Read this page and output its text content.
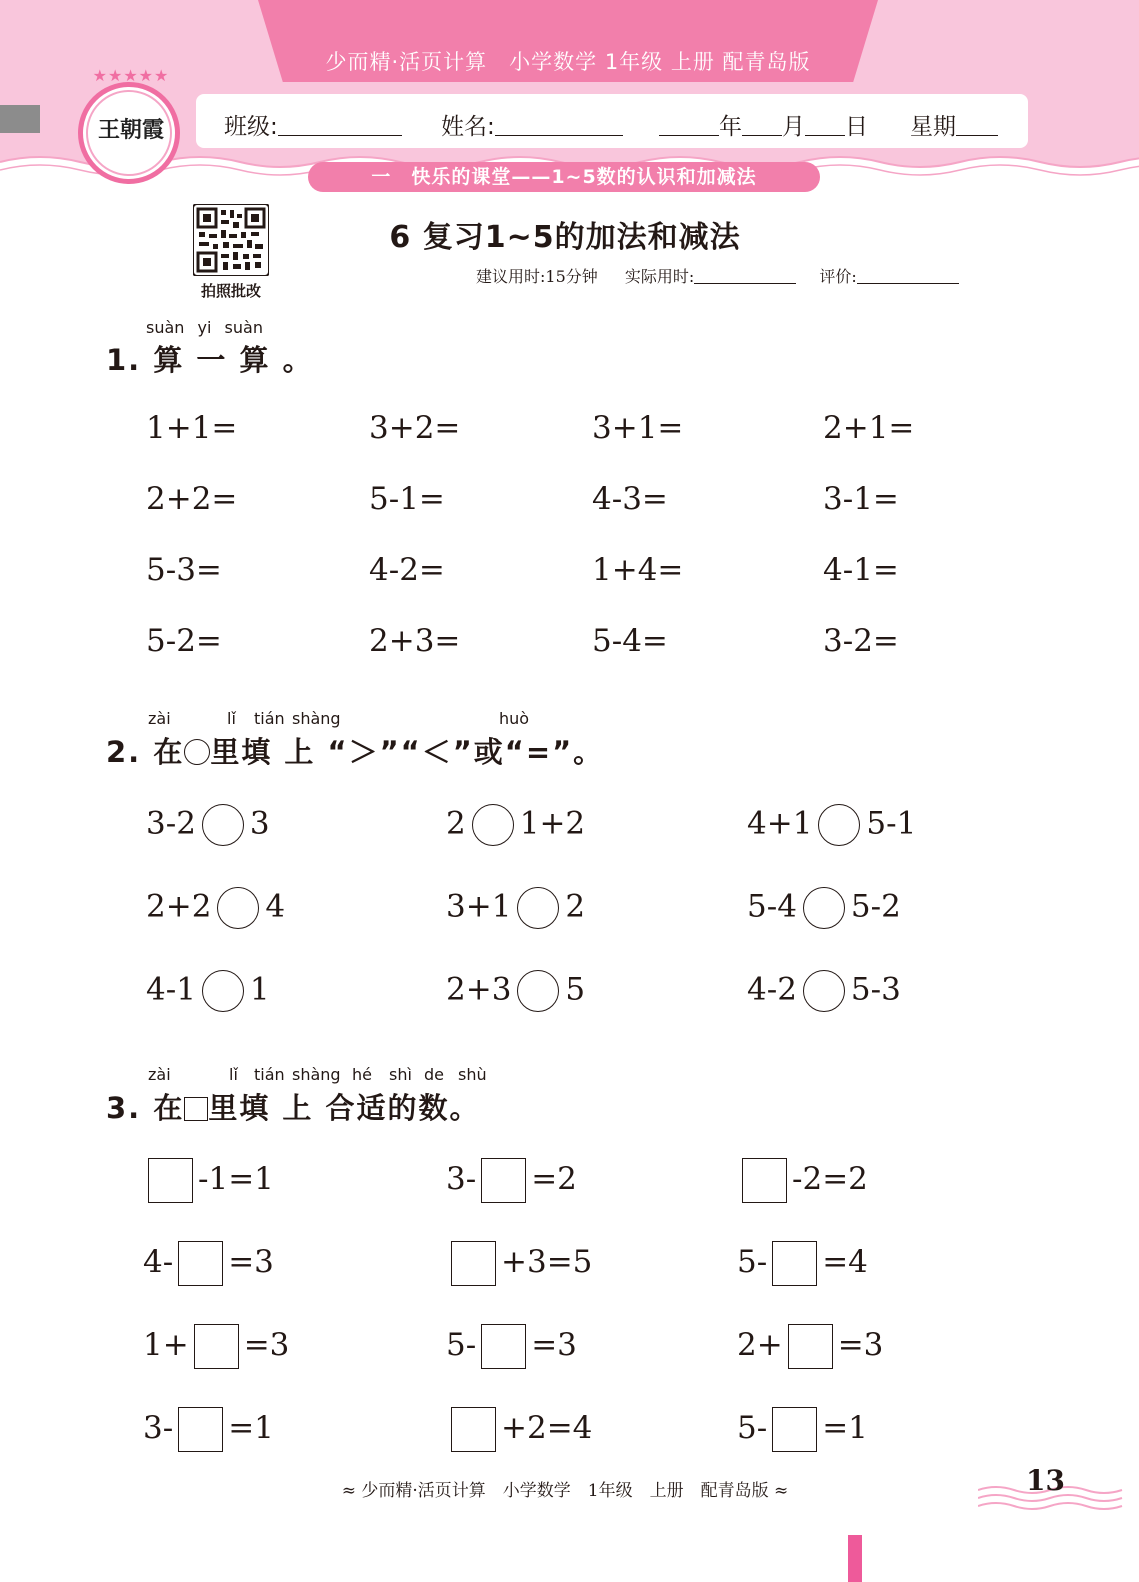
少而精·活页计算　小学数学 1年级 上册 配青岛版
★★★★★
王朝霞	班级:	姓名:	年 月 日 星期
一　快乐的课堂——1~5数的认识和加减法
拍照批改
6 复习1~5的加法和减法
建议用时:15分钟 实际用时:	评价:
suàn yi suàn
1. 算 一 算 。
1+1=	3+2=	3+1=	2+1=
2+2=	5-1=	4-3=	3-1=
5-3=	4-2=	1+4=	4-1=
5-2=	2+3=	5-4=	3-2=
zài	lǐ tián shàng	huò
2. 在 里填 上 “＞”“＜”或“=”。
3-2 3	2 1+2	4+1 5-1
2+2 4	3+1 2	5-4 5-2
4-1 1	2+3 5	4-2 5-3
zài	lǐ tián shàng hé shì de shù
3. 在 里填 上 合适的数。
-1=1	3- =2	-2=2
4- =3	+3=5	5- =4
1+ =3	5- =3	2+ =3
3- =1	+2=4	5- =1
≈ 少而精·活页计算　小学数学　1年级　上册　配青岛版 ≈	13
